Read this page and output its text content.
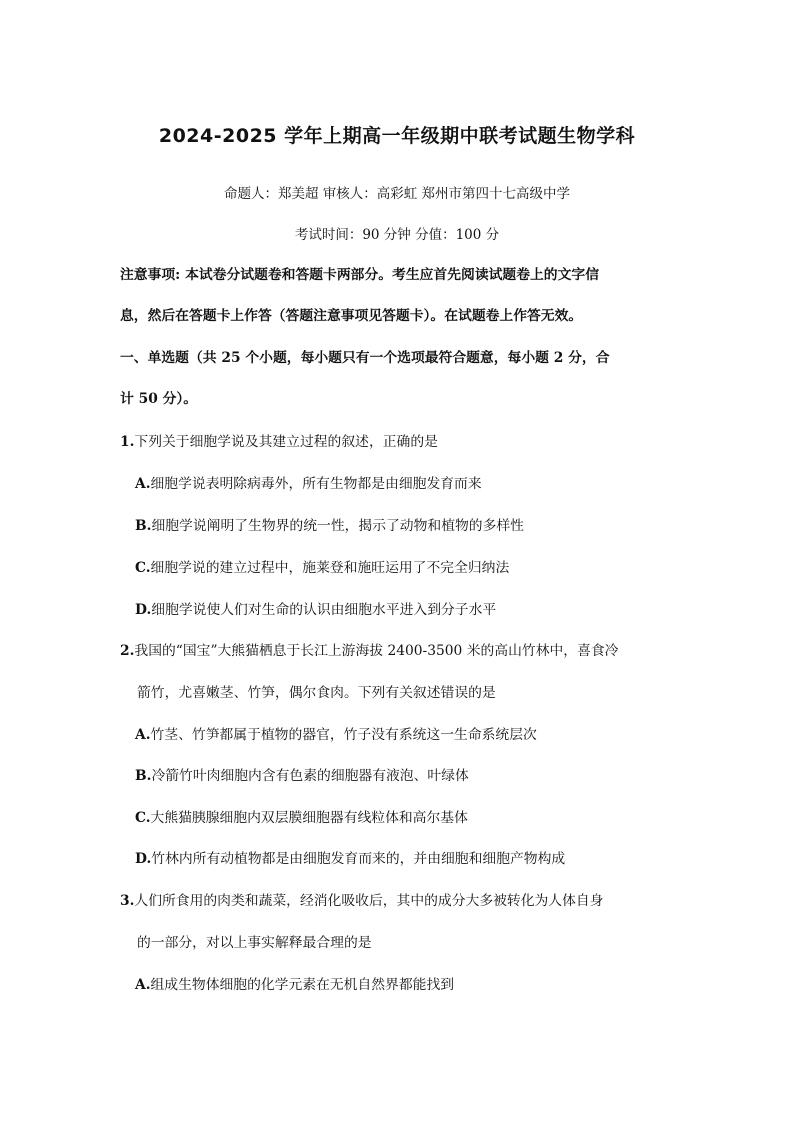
2024-2025 学年上期高一年级期中联考试题生物学科
命题人：郑美超 审核人：高彩虹 郑州市第四十七高级中学
考试时间：90 分钟 分值：100 分
注意事项: 本试卷分试题卷和答题卡两部分。考生应首先阅读试题卷上的文字信
息，然后在答题卡上作答（答题注意事项见答题卡）。在试题卷上作答无效。
一、单选题（共 25 个小题，每小题只有一个选项最符合题意，每小题 2 分，合
计 50 分）。
1.下列关于细胞学说及其建立过程的叙述，正确的是
A.细胞学说表明除病毒外，所有生物都是由细胞发育而来
B.细胞学说阐明了生物界的统一性，揭示了动物和植物的多样性
C.细胞学说的建立过程中，施莱登和施旺运用了不完全归纳法
D.细胞学说使人们对生命的认识由细胞水平进入到分子水平
2.我国的“国宝”大熊猫栖息于长江上游海拔 2400-3500 米的高山竹林中，喜食冷
箭竹，尤喜嫩茎、竹笋，偶尔食肉。下列有关叙述错误的是
A.竹茎、竹笋都属于植物的器官，竹子没有系统这一生命系统层次
B.冷箭竹叶肉细胞内含有色素的细胞器有液泡、叶绿体
C.大熊猫胰腺细胞内双层膜细胞器有线粒体和高尔基体
D.竹林内所有动植物都是由细胞发育而来的，并由细胞和细胞产物构成
3.人们所食用的肉类和蔬菜，经消化吸收后，其中的成分大多被转化为人体自身
的一部分，对以上事实解释最合理的是
A.组成生物体细胞的化学元素在无机自然界都能找到
